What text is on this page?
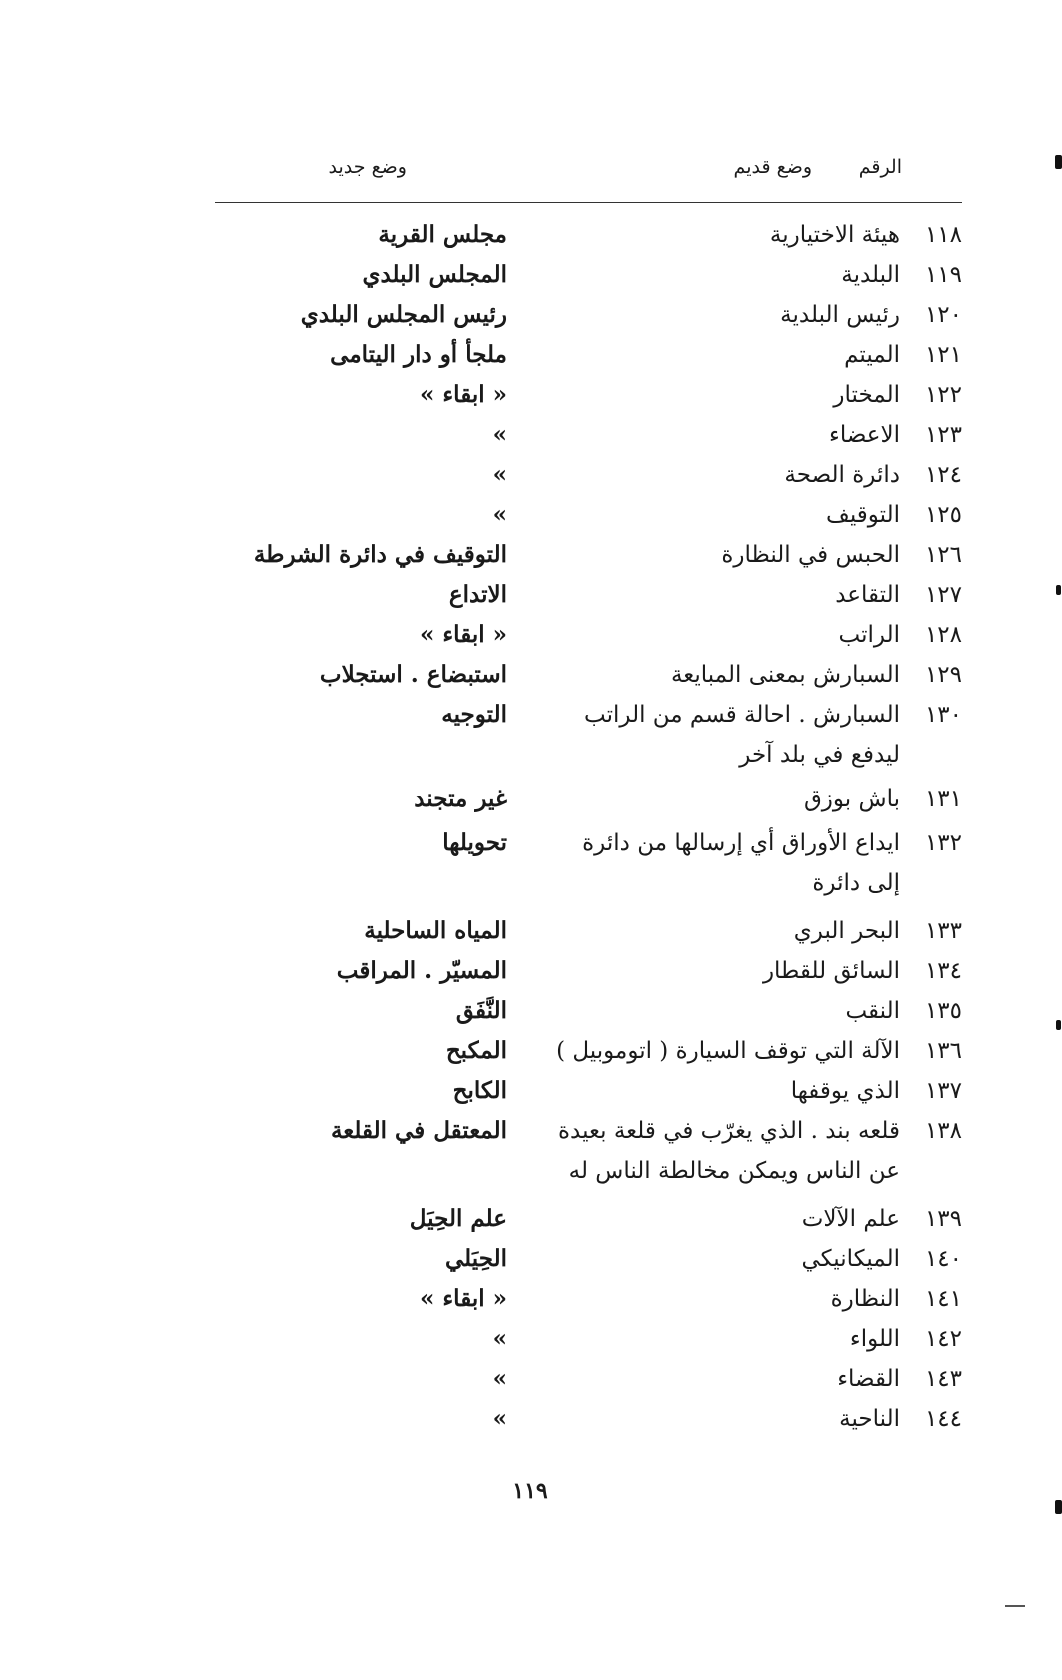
الرقم
وضع قديم
وضع جديد
١١٨
هيئة الاختيارية
مجلس القرية
١١٩
البلدية
المجلس البلدي
١٢٠
رئيس البلدية
رئيس المجلس البلدي
١٢١
الميتم
ملجأ أو دار اليتامى
١٢٢
المختار
« ابقاء »
١٢٣
الاعضاء
»
١٢٤
دائرة الصحة
»
١٢٥
التوقيف
»
١٢٦
الحبس في النظارة
التوقيف في دائرة الشرطة
١٢٧
التقاعد
الاتداع
١٢٨
الراتب
« ابقاء »
١٢٩
السبارش بمعنى المبايعة
استبضاع . استجلاب
١٣٠
السبارش . احالة قسم من الراتب ليدفع في بلد آخر
التوجيه
١٣١
باش بوزق
غير متجند
١٣٢
ايداع الأوراق أي إرسالها من دائرة إلى دائرة
تحويلها
١٣٣
البحر البري
المياه الساحلية
١٣٤
السائق للقطار
المسيّر . المراقب
١٣٥
النقب
النَّفَق
١٣٦
الآلة التي توقف السيارة ( اتوموبيل )
المكبح
١٣٧
الذي يوقفها
الكابح
١٣٨
قلعه بند . الذي يغرّب في قلعة بعيدة عن الناس ويمكن مخالطة الناس له
المعتقل في القلعة
١٣٩
علم الآلات
علم الحِيَل
١٤٠
الميكانيكي
الحِيَلي
١٤١
النظارة
« ابقاء »
١٤٢
اللواء
»
١٤٣
القضاء
»
١٤٤
الناحية
»
١١٩
